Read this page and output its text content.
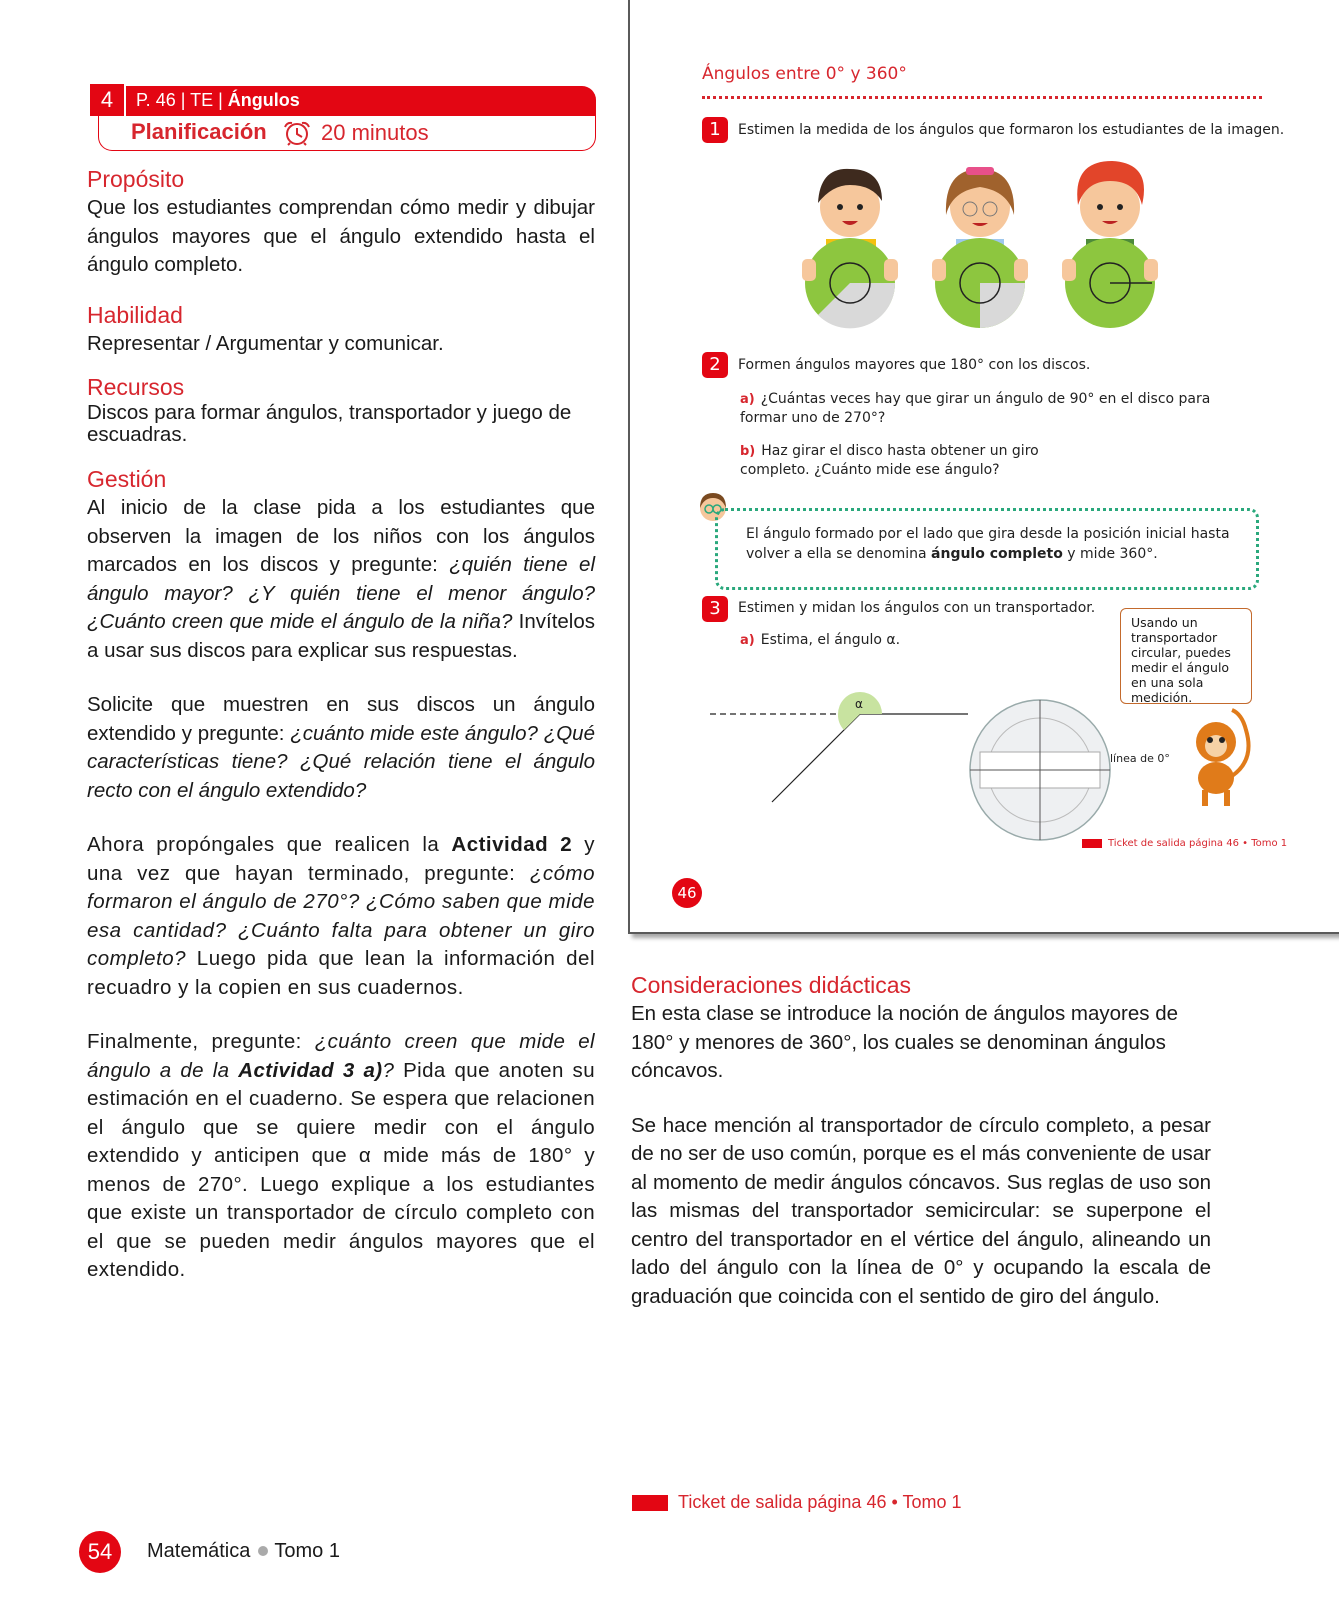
4	P. 46 | TE | Ángulos
Planificación 20 minutos
Propósito

Que los estudiantes comprendan cómo medir y dibujar ángulos mayores que el ángulo extendido hasta el ángulo completo.

Habilidad

Representar / Argumentar y comunicar.

Recursos

Discos para formar ángulos, transportador y juego de escuadras.

Gestión

Al inicio de la clase pida a los estudiantes que observen la imagen de los niños con los ángulos marcados en los discos y pregunte: ¿quién tiene el ángulo mayor? ¿Y quién tiene el menor ángulo? ¿Cuánto creen que mide el ángulo de la niña? Invítelos a usar sus discos para explicar sus respuestas.

Solicite que muestren en sus discos un ángulo extendido y pregunte: ¿cuánto mide este ángulo? ¿Qué características tiene? ¿Qué relación tiene el ángulo recto con el ángulo extendido?

Ahora propóngales que realicen la Actividad 2 y una vez que hayan terminado, pregunte: ¿cómo formaron el ángulo de 270°? ¿Cómo saben que mide esa cantidad? ¿Cuánto falta para obtener un giro completo? Luego pida que lean la información del recuadro y la copien en sus cuadernos.

Finalmente, pregunte: ¿cuánto creen que mide el ángulo a de la Actividad 3 a)? Pida que anoten su estimación en el cuaderno. Se espera que relacionen el ángulo que se quiere medir con el ángulo extendido y anticipen que α mide más de 180° y menos de 270°. Luego explique a los estudiantes que existe un transportador de círculo completo con el que se pueden medir ángulos mayores que el extendido.

Ángulos entre 0° y 360°
1	Estimen la medida de los ángulos que formaron los estudiantes de la imagen.
2	Formen ángulos mayores que 180° con los discos.
a) ¿Cuántas veces hay que girar un ángulo de 90° en el disco para formar uno de 270°?
b) Haz girar el disco hasta obtener un giro completo. ¿Cuánto mide ese ángulo?
El ángulo formado por el lado que gira desde la posición inicial hasta volver a ella se denomina ángulo completo y mide 360°.
3	Estimen y midan los ángulos con un transportador.
a) Estima, el ángulo α.
Usando un transportador circular, puedes medir el ángulo en una sola medición.
α
línea de 0°
Ticket de salida página 46 • Tomo 1
46
Consideraciones didácticas

En esta clase se introduce la noción de ángulos mayores de 180° y menores de 360°, los cuales se denominan ángulos cóncavos.

Se hace mención al transportador de círculo completo, a pesar de no ser de uso común, porque es el más conveniente de usar al momento de medir ángulos cóncavos. Sus reglas de uso son las mismas del transportador semicircular: se superpone el centro del transportador en el vértice del ángulo, alineando un lado del ángulo con la línea de 0° y ocupando la escala de graduación que coincida con el sentido de giro del ángulo.

Ticket de salida página 46 • Tomo 1
54	Matemática Tomo 1
